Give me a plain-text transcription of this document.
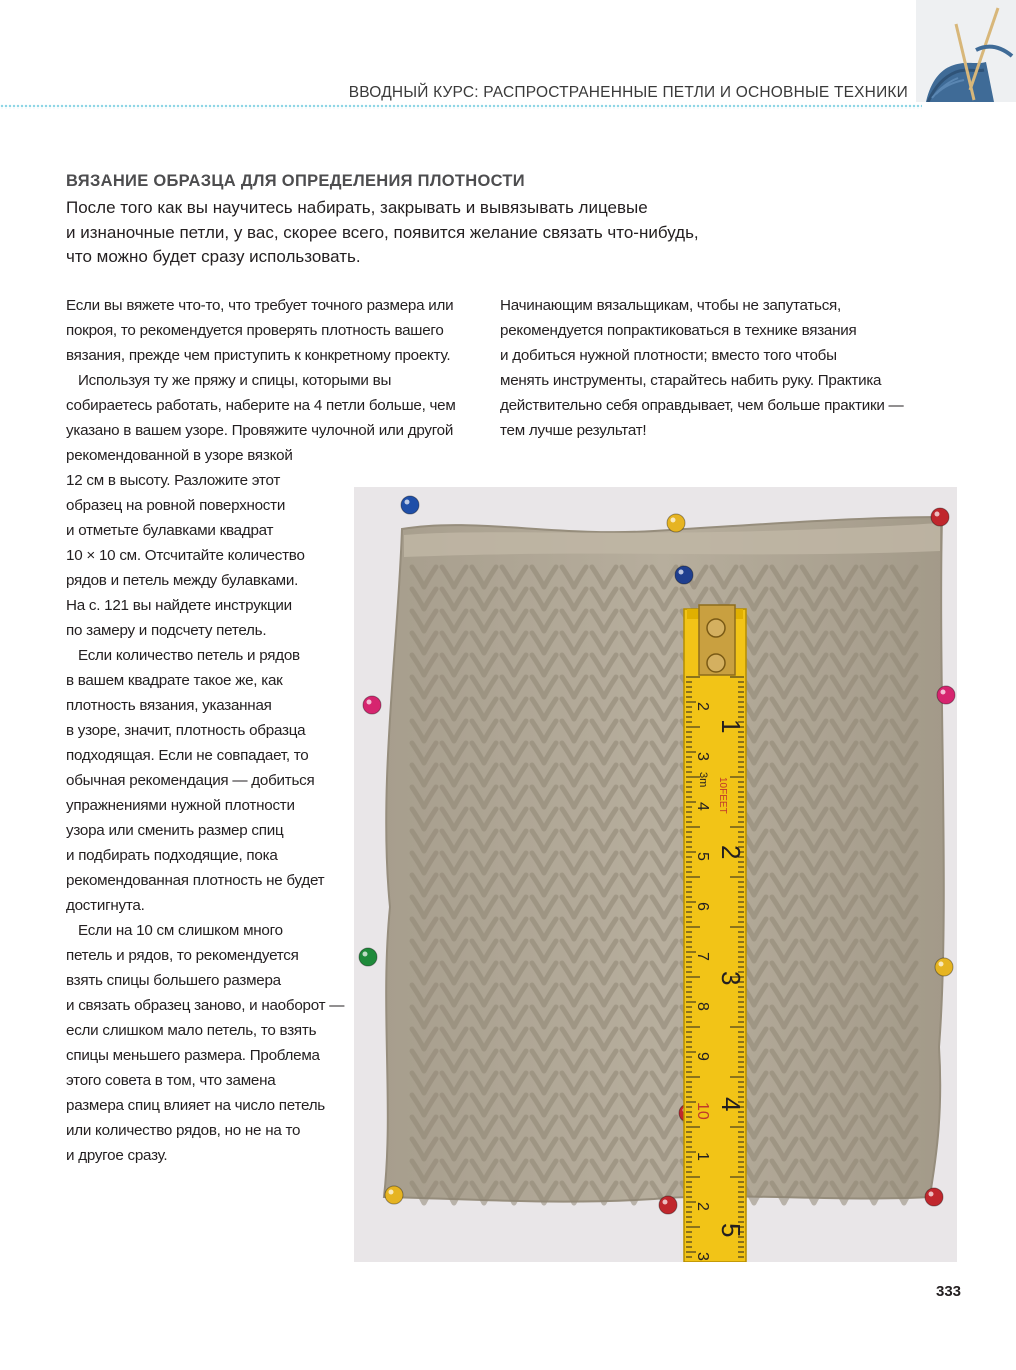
ВВОДНЫЙ КУРС: РАСПРОСТРАНЕННЫЕ ПЕТЛИ И ОСНОВНЫЕ ТЕХНИКИ
ВЯЗАНИЕ ОБРАЗЦА ДЛЯ ОПРЕДЕЛЕНИЯ ПЛОТНОСТИ
После того как вы научитесь набирать, закрывать и вывязывать лицевые
и изнаночные петли, у вас, скорее всего, появится желание связать что-нибудь,
что можно будет сразу использовать.
Если вы вяжете что-то, что требует точного размера или
покроя, то рекомендуется проверять плотность вашего
вязания, прежде чем приступить к конкретному проекту.
Используя ту же пряжу и спицы, которыми вы
собираетесь работать, наберите на 4 петли больше, чем
указано в вашем узоре. Провяжите чулочной или другой
рекомендованной в узоре вязкой
12 см в высоту. Разложите этот
образец на ровной поверхности
и отметьте булавками квадрат
10 × 10 см. Отсчитайте количество
рядов и петель между булавками.
На с. 121 вы найдете инструкции
по замеру и подсчету петель.
Если количество петель и рядов
в вашем квадрате такое же, как
плотность вязания, указанная
в узоре, значит, плотность образца
подходящая. Если не совпадает, то
обычная рекомендация — добиться
упражнениями нужной плотности
узора или сменить размер спиц
и подбирать подходящие, пока
рекомендованная плотность не будет
достигнута.
Если на 10 см слишком много
петель и рядов, то рекомендуется
взять спицы большего размера
и связать образец заново, и наоборот —
если слишком мало петель, то взять
спицы меньшего размера. Проблема
этого совета в том, что замена
размера спиц влияет на число петель
или количество рядов, но не на то
и другое сразу.
Начинающим вязальщикам, чтобы не запутаться,
рекомендуется попрактиковаться в технике вязания
и добиться нужной плотности; вместо того чтобы
менять инструменты, старайтесь набить руку. Практика
действительно себя оправдывает, чем больше практики —
тем лучше результат!
2
3
4
5
6
7
8
9
10
1
2
3
1
2
3
4
5
10FEET
3m
333
